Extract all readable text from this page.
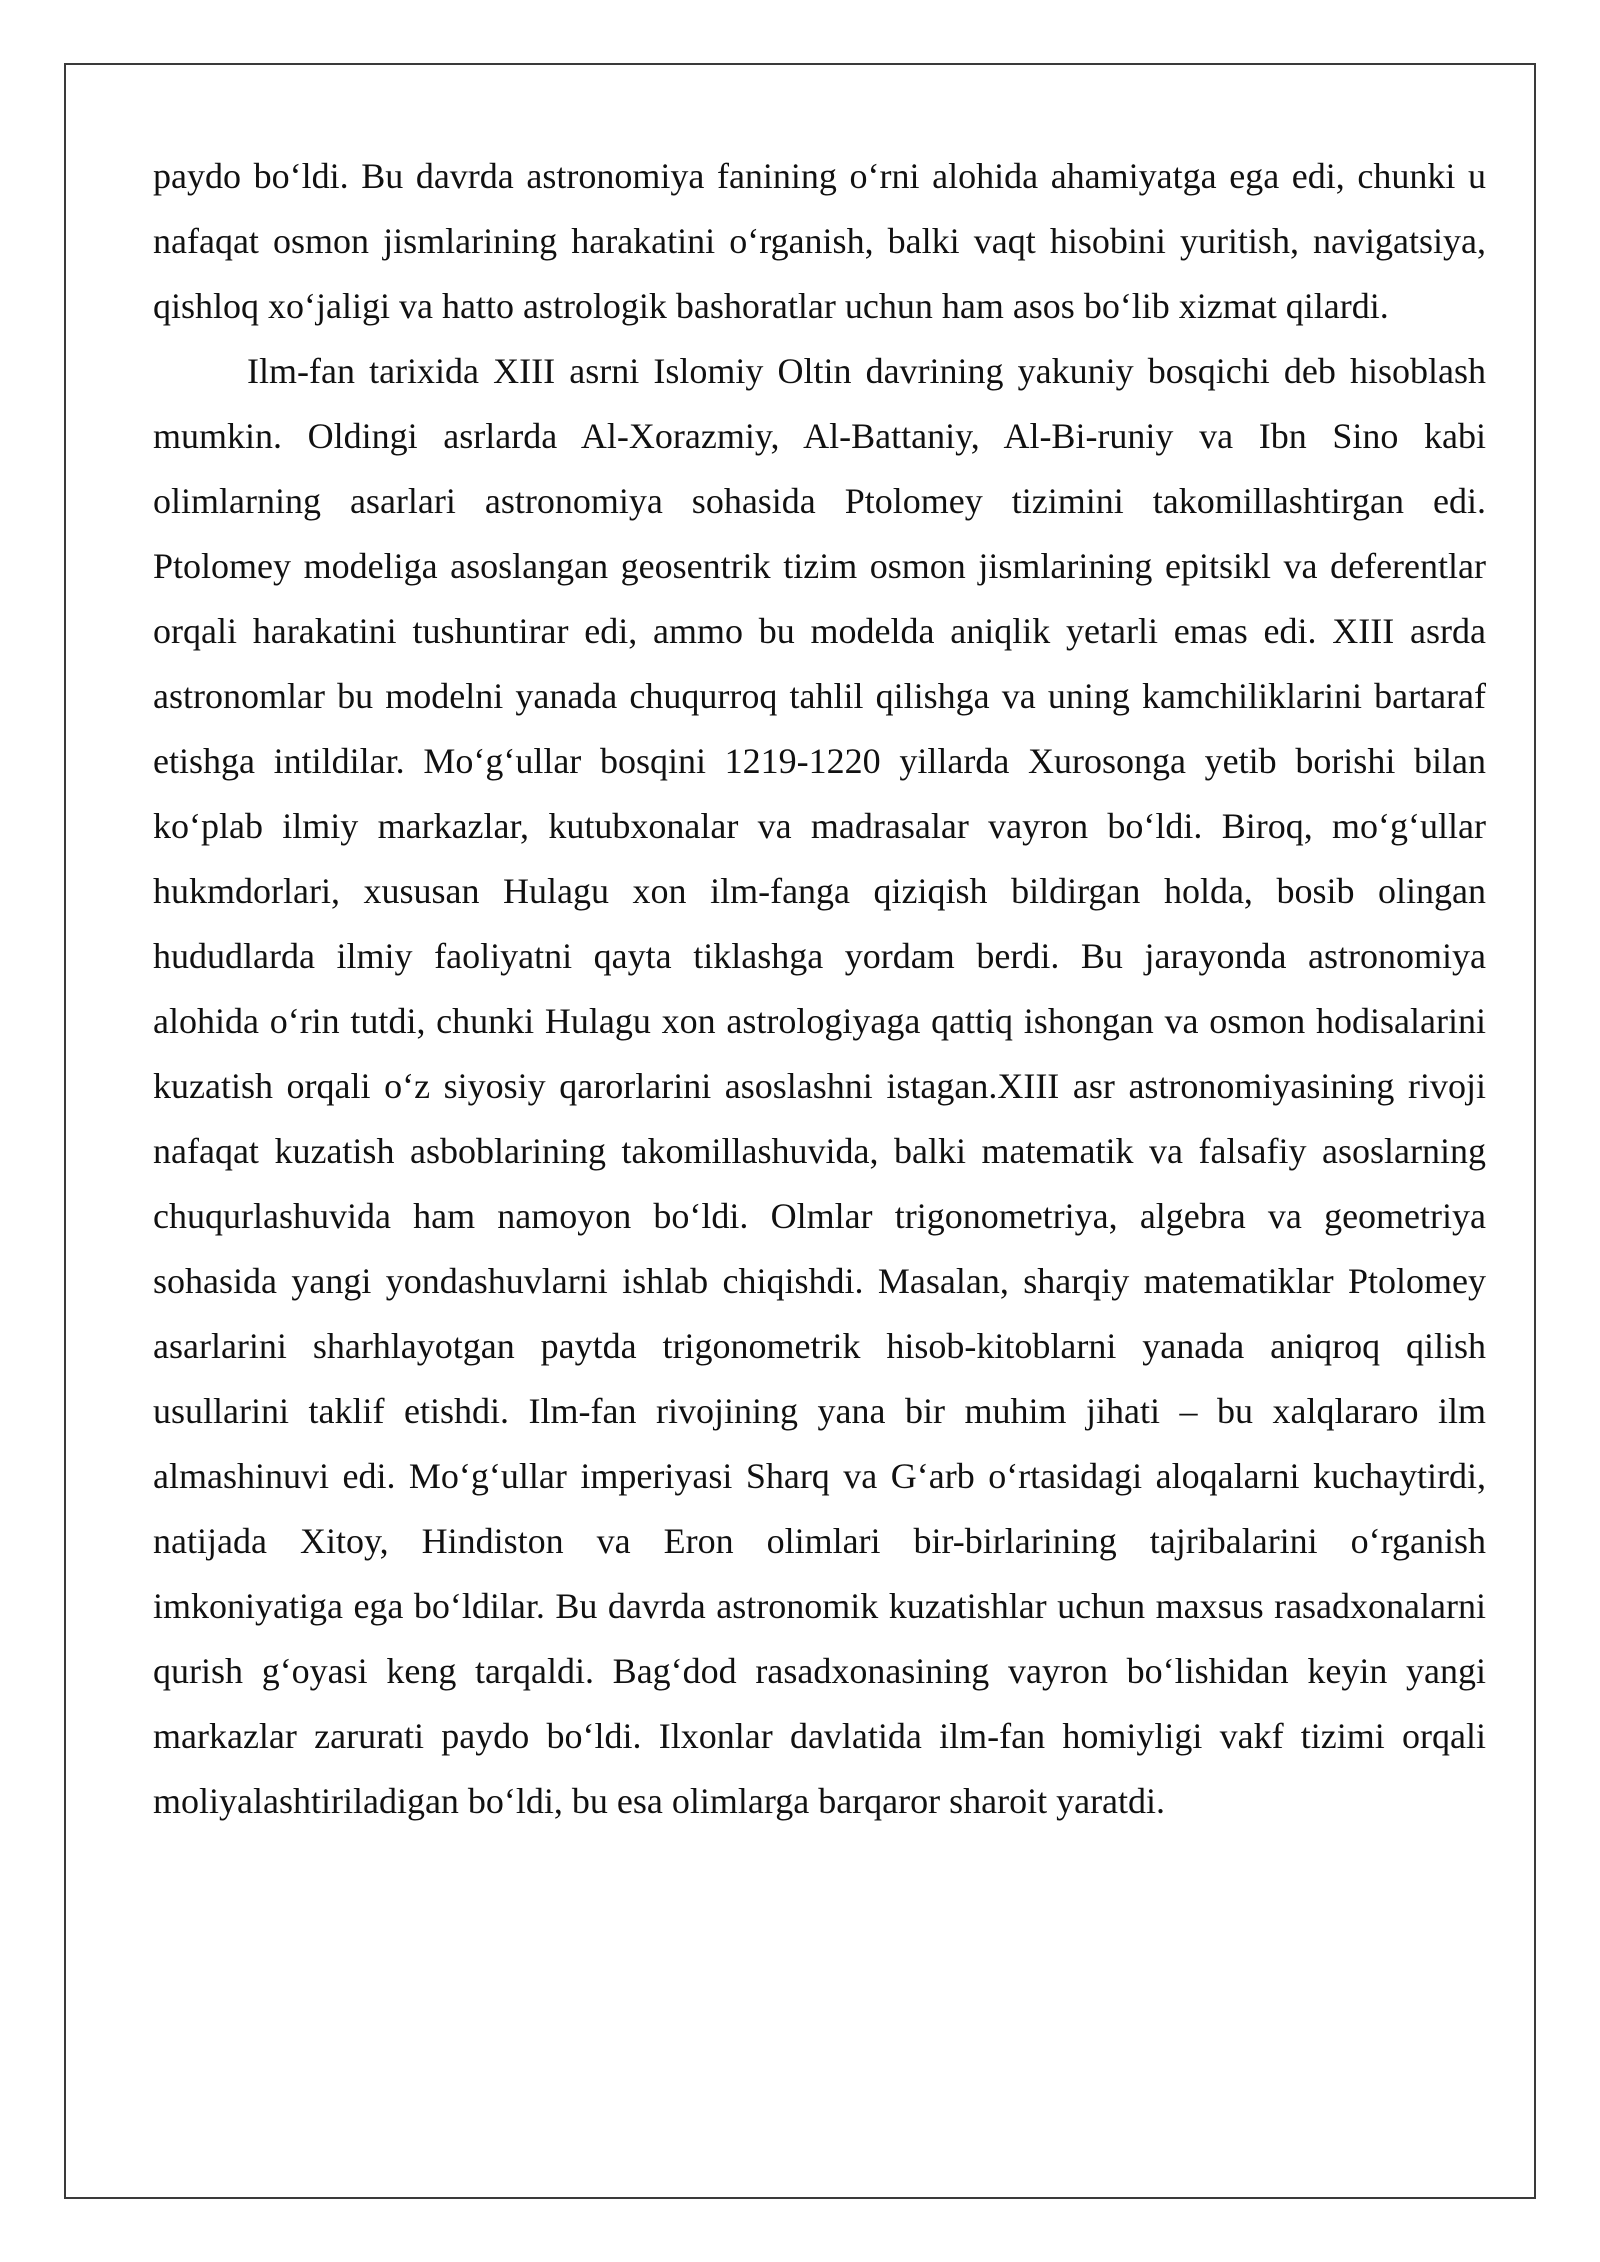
paydo bo‘ldi. Bu davrda astronomiya fanining o‘rni alohida ahamiyatga ega edi, chunki u nafaqat osmon jismlarining harakatini o‘rganish, balki vaqt hisobini yuritish, navigatsiya, qishloq xo‘jaligi va hatto astrologik bashoratlar uchun ham asos bo‘lib xizmat qilardi.

Ilm-fan tarixida XIII asrni Islomiy Oltin davrining yakuniy bosqichi deb hisoblash mumkin. Oldingi asrlarda Al-Xorazmiy, Al-Battaniy, Al-Bi-runiy va Ibn Sino kabi olimlarning asarlari astronomiya sohasida Ptolomey tizimini takomillashtirgan edi. Ptolomey modeliga asoslangan geosentrik tizim osmon jismlarining epitsikl va deferentlar orqali harakatini tushuntirar edi, ammo bu modelda aniqlik yetarli emas edi. XIII asrda astronomlar bu modelni yanada chuqurroq tahlil qilishga va uning kamchiliklarini bartaraf etishga intildilar. Mo‘g‘ullar bosqini 1219-1220 yillarda Xurosonga yetib borishi bilan ko‘plab ilmiy markazlar, kutubxonalar va madrasalar vayron bo‘ldi. Biroq, mo‘g‘ullar hukmdorlari, xususan Hulagu xon ilm-fanga qiziqish bildirgan holda, bosib olingan hududlarda ilmiy faoliyatni qayta tiklashga yordam berdi. Bu jarayonda astronomiya alohida o‘rin tutdi, chunki Hulagu xon astrologiyaga qattiq ishongan va osmon hodisalarini kuzatish orqali o‘z siyosiy qarorlarini asoslashni istagan.XIII asr astronomiyasining rivoji nafaqat kuzatish asboblarining takomillashuvida, balki matematik va falsafiy asoslarning chuqurlashuvida ham namoyon bo‘ldi. Olmlar trigonometriya, algebra va geometriya sohasida yangi yondashuvlarni ishlab chiqishdi. Masalan, sharqiy matematiklar Ptolomey asarlarini sharhlayotgan paytda trigonometrik hisob-kitoblarni yanada aniqroq qilish usullarini taklif etishdi. Ilm-fan rivojining yana bir muhim jihati – bu xalqlararo ilm almashinuvi edi. Mo‘g‘ullar imperiyasi Sharq va G‘arb o‘rtasidagi aloqalarni kuchaytirdi, natijada Xitoy, Hindiston va Eron olimlari bir-birlarining tajribalarini o‘rganish imkoniyatiga ega bo‘ldilar. Bu davrda astronomik kuzatishlar uchun maxsus rasadxonalarni qurish g‘oyasi keng tarqaldi. Bag‘dod rasadxonasining vayron bo‘lishidan keyin yangi markazlar zarurati paydo bo‘ldi. Ilxonlar davlatida ilm-fan homiyligi vakf tizimi orqali moliyalashtiriladigan bo‘ldi, bu esa olimlarga barqaror sharoit yaratdi.
